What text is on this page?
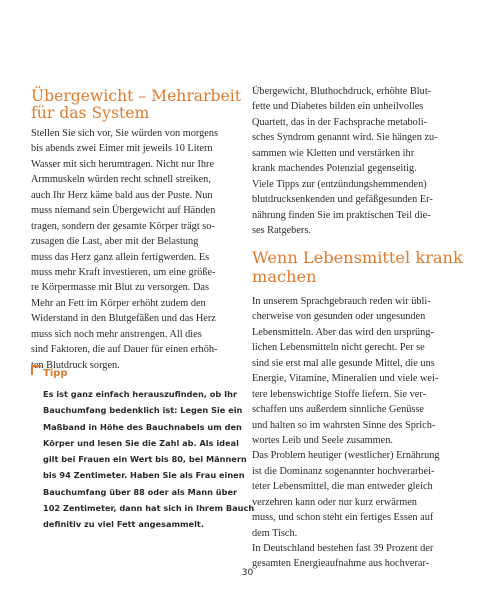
Übergewicht – Mehrarbeit
für das System
Stellen Sie sich vor, Sie würden von morgens
bis abends zwei Eimer mit jeweils 10 Litern
Wasser mit sich herumtragen. Nicht nur Ihre
Armmuskeln würden recht schnell streiken,
auch Ihr Herz käme bald aus der Puste. Nun
muss niemand sein Übergewicht auf Händen
tragen, sondern der gesamte Körper trägt so-
zusagen die Last, aber mit der Belastung
muss das Herz ganz allein fertigwerden. Es
muss mehr Kraft investieren, um eine größe-
re Körpermasse mit Blut zu versorgen. Das
Mehr an Fett im Körper erhöht zudem den
Widerstand in den Blutgefäßen und das Herz
muss sich noch mehr anstrengen. All dies
sind Faktoren, die auf Dauer für einen erhöh-
ten Blutdruck sorgen.
Tipp
Es ist ganz einfach herauszufinden, ob Ihr
Bauchumfang bedenklich ist: Legen Sie ein
Maßband in Höhe des Bauchnabels um den
Körper und lesen Sie die Zahl ab. Als ideal
gilt bei Frauen ein Wert bis 80, bei Männern
bis 94 Zentimeter. Haben Sie als Frau einen
Bauchumfang über 88 oder als Mann über
102 Zentimeter, dann hat sich in Ihrem Bauch
definitiv zu viel Fett angesammelt.
Übergewicht, Bluthochdruck, erhöhte Blut-
fette und Diabetes bilden ein unheilvolles
Quartett, das in der Fachsprache metaboli-
sches Syndrom genannt wird. Sie hängen zu-
sammen wie Kletten und verstärken ihr
krank machendes Potenzial gegenseitig.
Viele Tipps zur (entzündungshemmenden)
blutdrucksenkenden und gefäßgesunden Er-
nährung finden Sie im praktischen Teil die-
ses Ratgebers.
Wenn Lebensmittel krank
machen
In unserem Sprachgebrauch reden wir übli-
cherweise von gesunden oder ungesunden
Lebensmitteln. Aber das wird den ursprüng-
lichen Lebensmitteln nicht gerecht. Per se
sind sie erst mal alle gesunde Mittel, die uns
Energie, Vitamine, Mineralien und viele wei-
tere lebenswichtige Stoffe liefern. Sie ver-
schaffen uns außerdem sinnliche Genüsse
und halten so im wahrsten Sinne des Sprich-
wortes Leib und Seele zusammen.
Das Problem heutiger (westlicher) Ernährung
ist die Dominanz sogenannter hochverarbei-
teter Lebensmittel, die man entweder gleich
verzehren kann oder nur kurz erwärmen
muss, und schon steht ein fertiges Essen auf
dem Tisch.
In Deutschland bestehen fast 39 Prozent der
gesamten Energieaufnahme aus hochverar-
30
